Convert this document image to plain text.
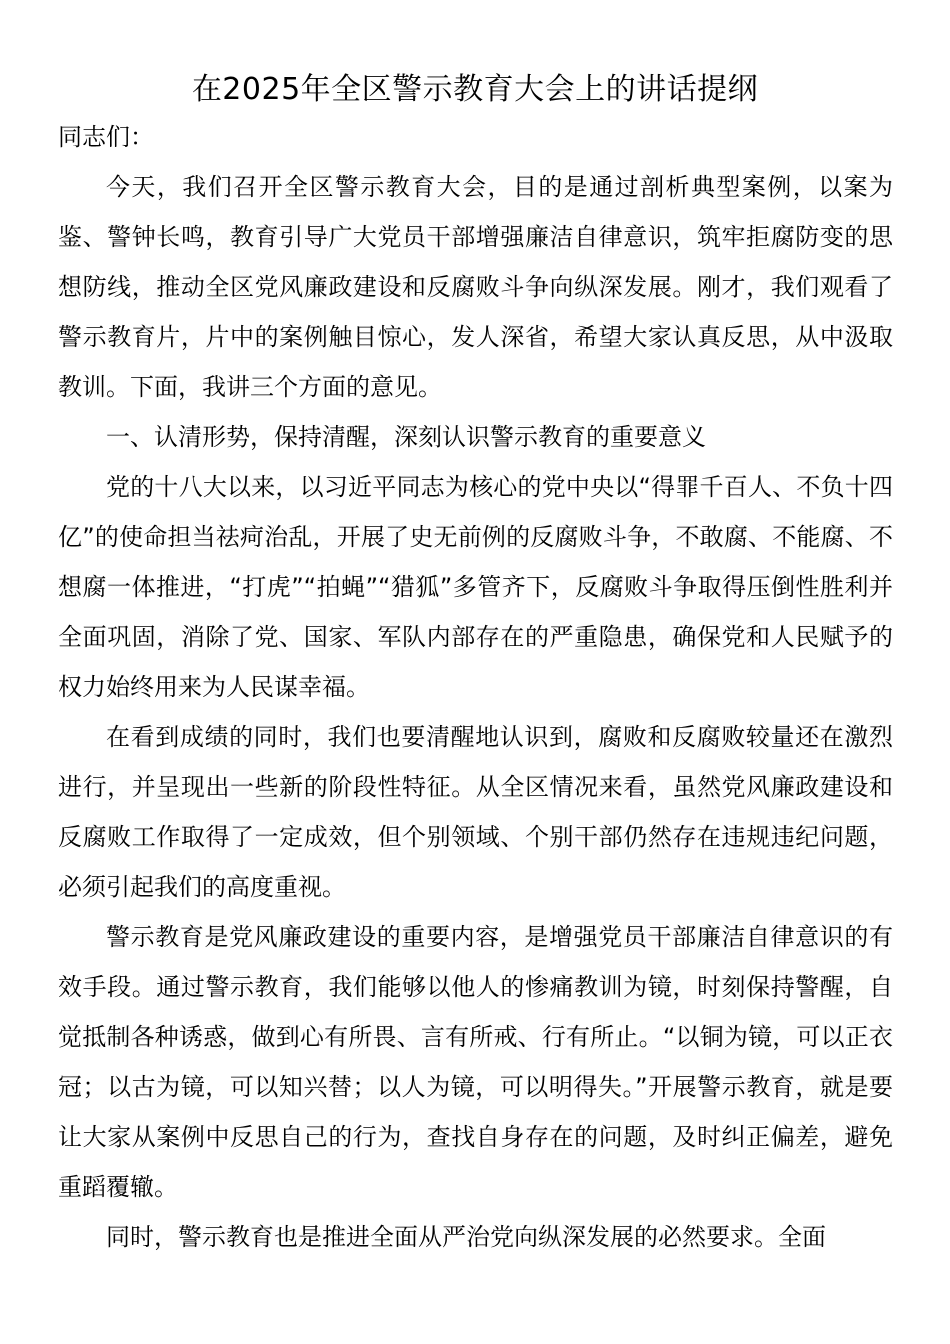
在2025年全区警示教育大会上的讲话提纲

同志们：

今天，我们召开全区警示教育大会，目的是通过剖析典型案例，以案为鉴、警钟长鸣，教育引导广大党员干部增强廉洁自律意识，筑牢拒腐防变的思想防线，推动全区党风廉政建设和反腐败斗争向纵深发展。刚才，我们观看了警示教育片，片中的案例触目惊心，发人深省，希望大家认真反思，从中汲取教训。下面，我讲三个方面的意见。

一、认清形势，保持清醒，深刻认识警示教育的重要意义

党的十八大以来，以习近平同志为核心的党中央以“得罪千百人、不负十四亿”的使命担当祛疴治乱，开展了史无前例的反腐败斗争，不敢腐、不能腐、不想腐一体推进，“打虎”“拍蝇”“猎狐”多管齐下，反腐败斗争取得压倒性胜利并全面巩固，消除了党、国家、军队内部存在的严重隐患，确保党和人民赋予的权力始终用来为人民谋幸福。

在看到成绩的同时，我们也要清醒地认识到，腐败和反腐败较量还在激烈进行，并呈现出一些新的阶段性特征。从全区情况来看，虽然党风廉政建设和反腐败工作取得了一定成效，但个别领域、个别干部仍然存在违规违纪问题，必须引起我们的高度重视。

警示教育是党风廉政建设的重要内容，是增强党员干部廉洁自律意识的有效手段。通过警示教育，我们能够以他人的惨痛教训为镜，时刻保持警醒，自觉抵制各种诱惑，做到心有所畏、言有所戒、行有所止。“以铜为镜，可以正衣冠；以古为镜，可以知兴替；以人为镜，可以明得失。”开展警示教育，就是要让大家从案例中反思自己的行为，查找自身存在的问题，及时纠正偏差，避免重蹈覆辙。

同时，警示教育也是推进全面从严治党向纵深发展的必然要求。全面
